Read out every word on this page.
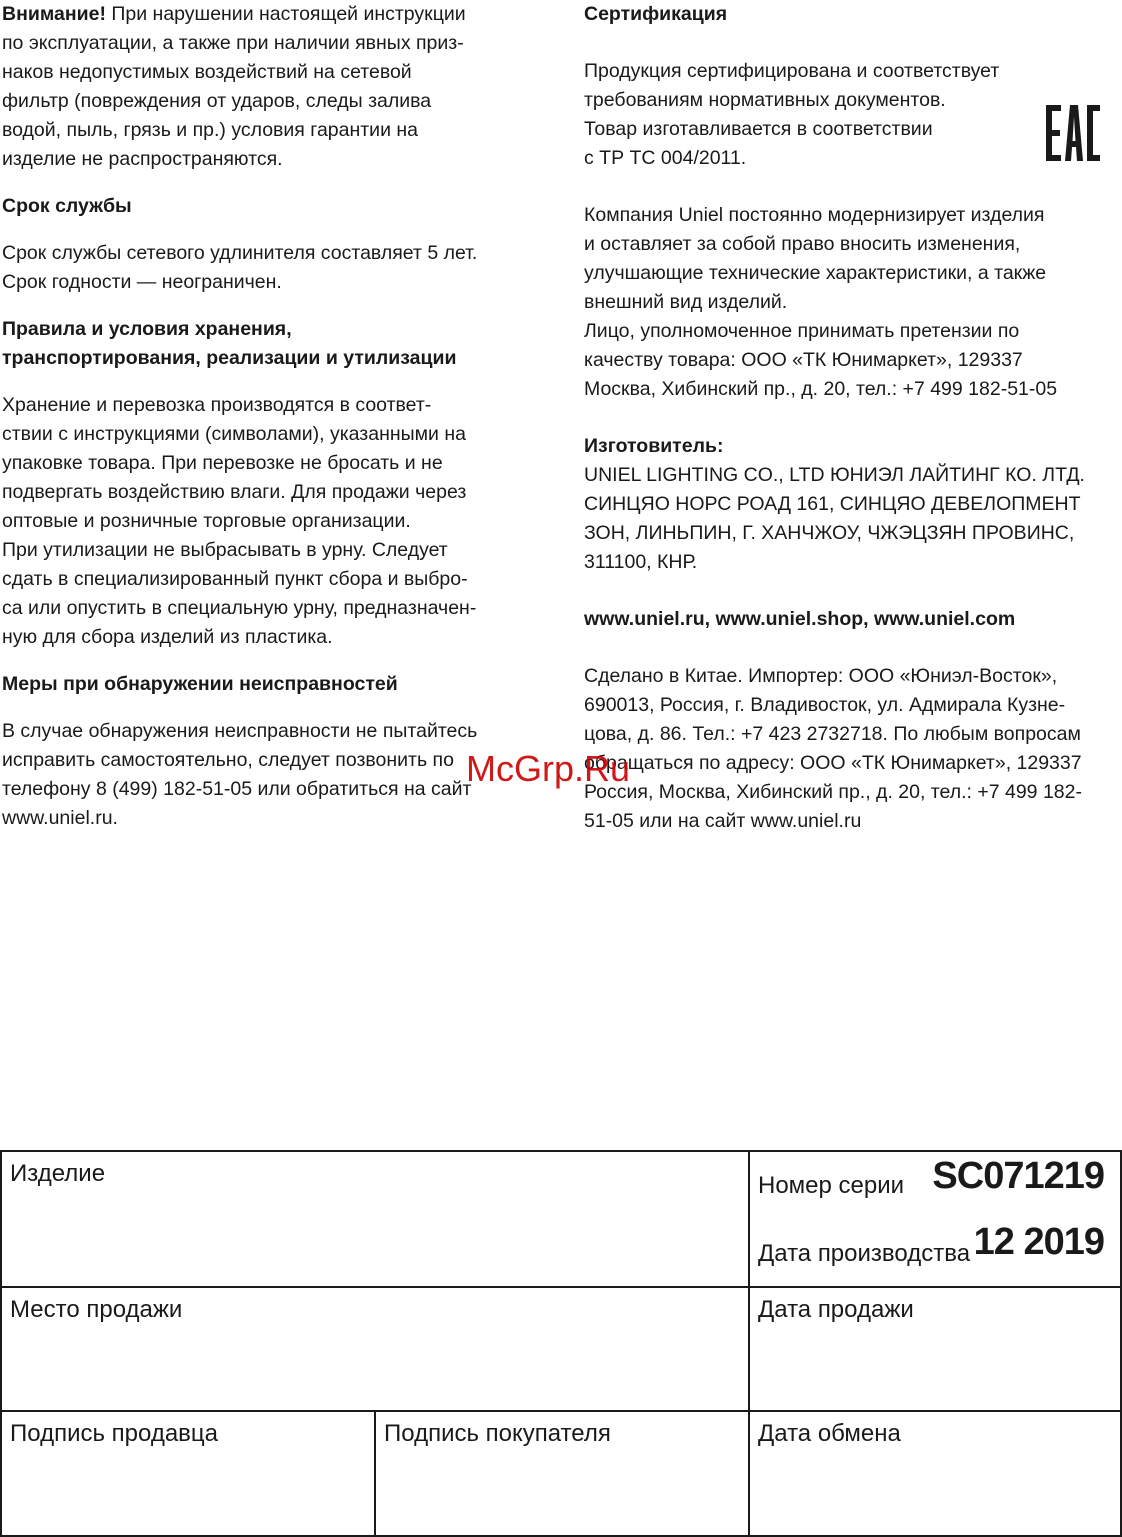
Внимание! При нарушении настоящей инструкции
по эксплуатации, а также при наличии явных приз-
наков недопустимых воздействий на сетевой
фильтр (повреждения от ударов, следы залива
водой, пыль, грязь и пр.) условия гарантии на
изделие не распространяются.
Срок службы
Срок службы сетевого удлинителя составляет 5 лет.
Срок годности — неограничен.
Правила и условия хранения,
транспортирования, реализации и утилизации
Хранение и перевозка производятся в соответ-
ствии с инструкциями (символами), указанными на
упаковке товара. При перевозке не бросать и не
подвергать воздействию влаги. Для продажи через
оптовые и розничные торговые организации.
При утилизации не выбрасывать в урну. Следует
сдать в специализированный пункт сбора и выбро-
са или опустить в специальную урну, предназначен-
ную для сбора изделий из пластика.
Меры при обнаружении неисправностей
В случае обнаружения неисправности не пытайтесь
исправить самостоятельно, следует позвонить по
телефону 8 (499) 182-51-05 или обратиться на сайт
www.uniel.ru.
Сертификация
Продукция сертифицирована и соответствует
требованиям нормативных документов.
Товар изготавливается в соответствии
с ТР ТС 004/2011.
Компания Uniel постоянно модернизирует изделия
и оставляет за собой право вносить изменения,
улучшающие технические характеристики, а также
внешний вид изделий.
Лицо, уполномоченное принимать претензии по
качеству товара: ООО «ТК Юнимаркет», 129337
Москва, Хибинский пр., д. 20, тел.: +7 499 182-51-05
Изготовитель:
UNIEL LIGHTING CO., LTD ЮНИЭЛ ЛАЙТИНГ КО. ЛТД.
СИНЦЯО НОРС РОАД 161, СИНЦЯО ДЕВЕЛОПМЕНТ
ЗОН, ЛИНЬПИН, Г. ХАНЧЖОУ, ЧЖЭЦЗЯН ПРОВИНС,
311100, КНР.
www.uniel.ru, www.uniel.shop, www.uniel.com
Сделано в Китае. Импортер: ООО «Юниэл-Восток»,
690013, Россия, г. Владивосток, ул. Адмирала Кузне-
цова, д. 86. Тел.: +7 423 2732718. По любым вопросам
обращаться по адресу: ООО «ТК Юнимаркет», 129337
Россия, Москва, Хибинский пр., д. 20, тел.: +7 499 182-
51-05 или на сайт www.uniel.ru
McGrp.Ru
Изделие	Номер серии SC071219
Дата производства 12 2019
Место продажи	Дата продажи
Подпись продавца	Подпись покупателя	Дата обмена
